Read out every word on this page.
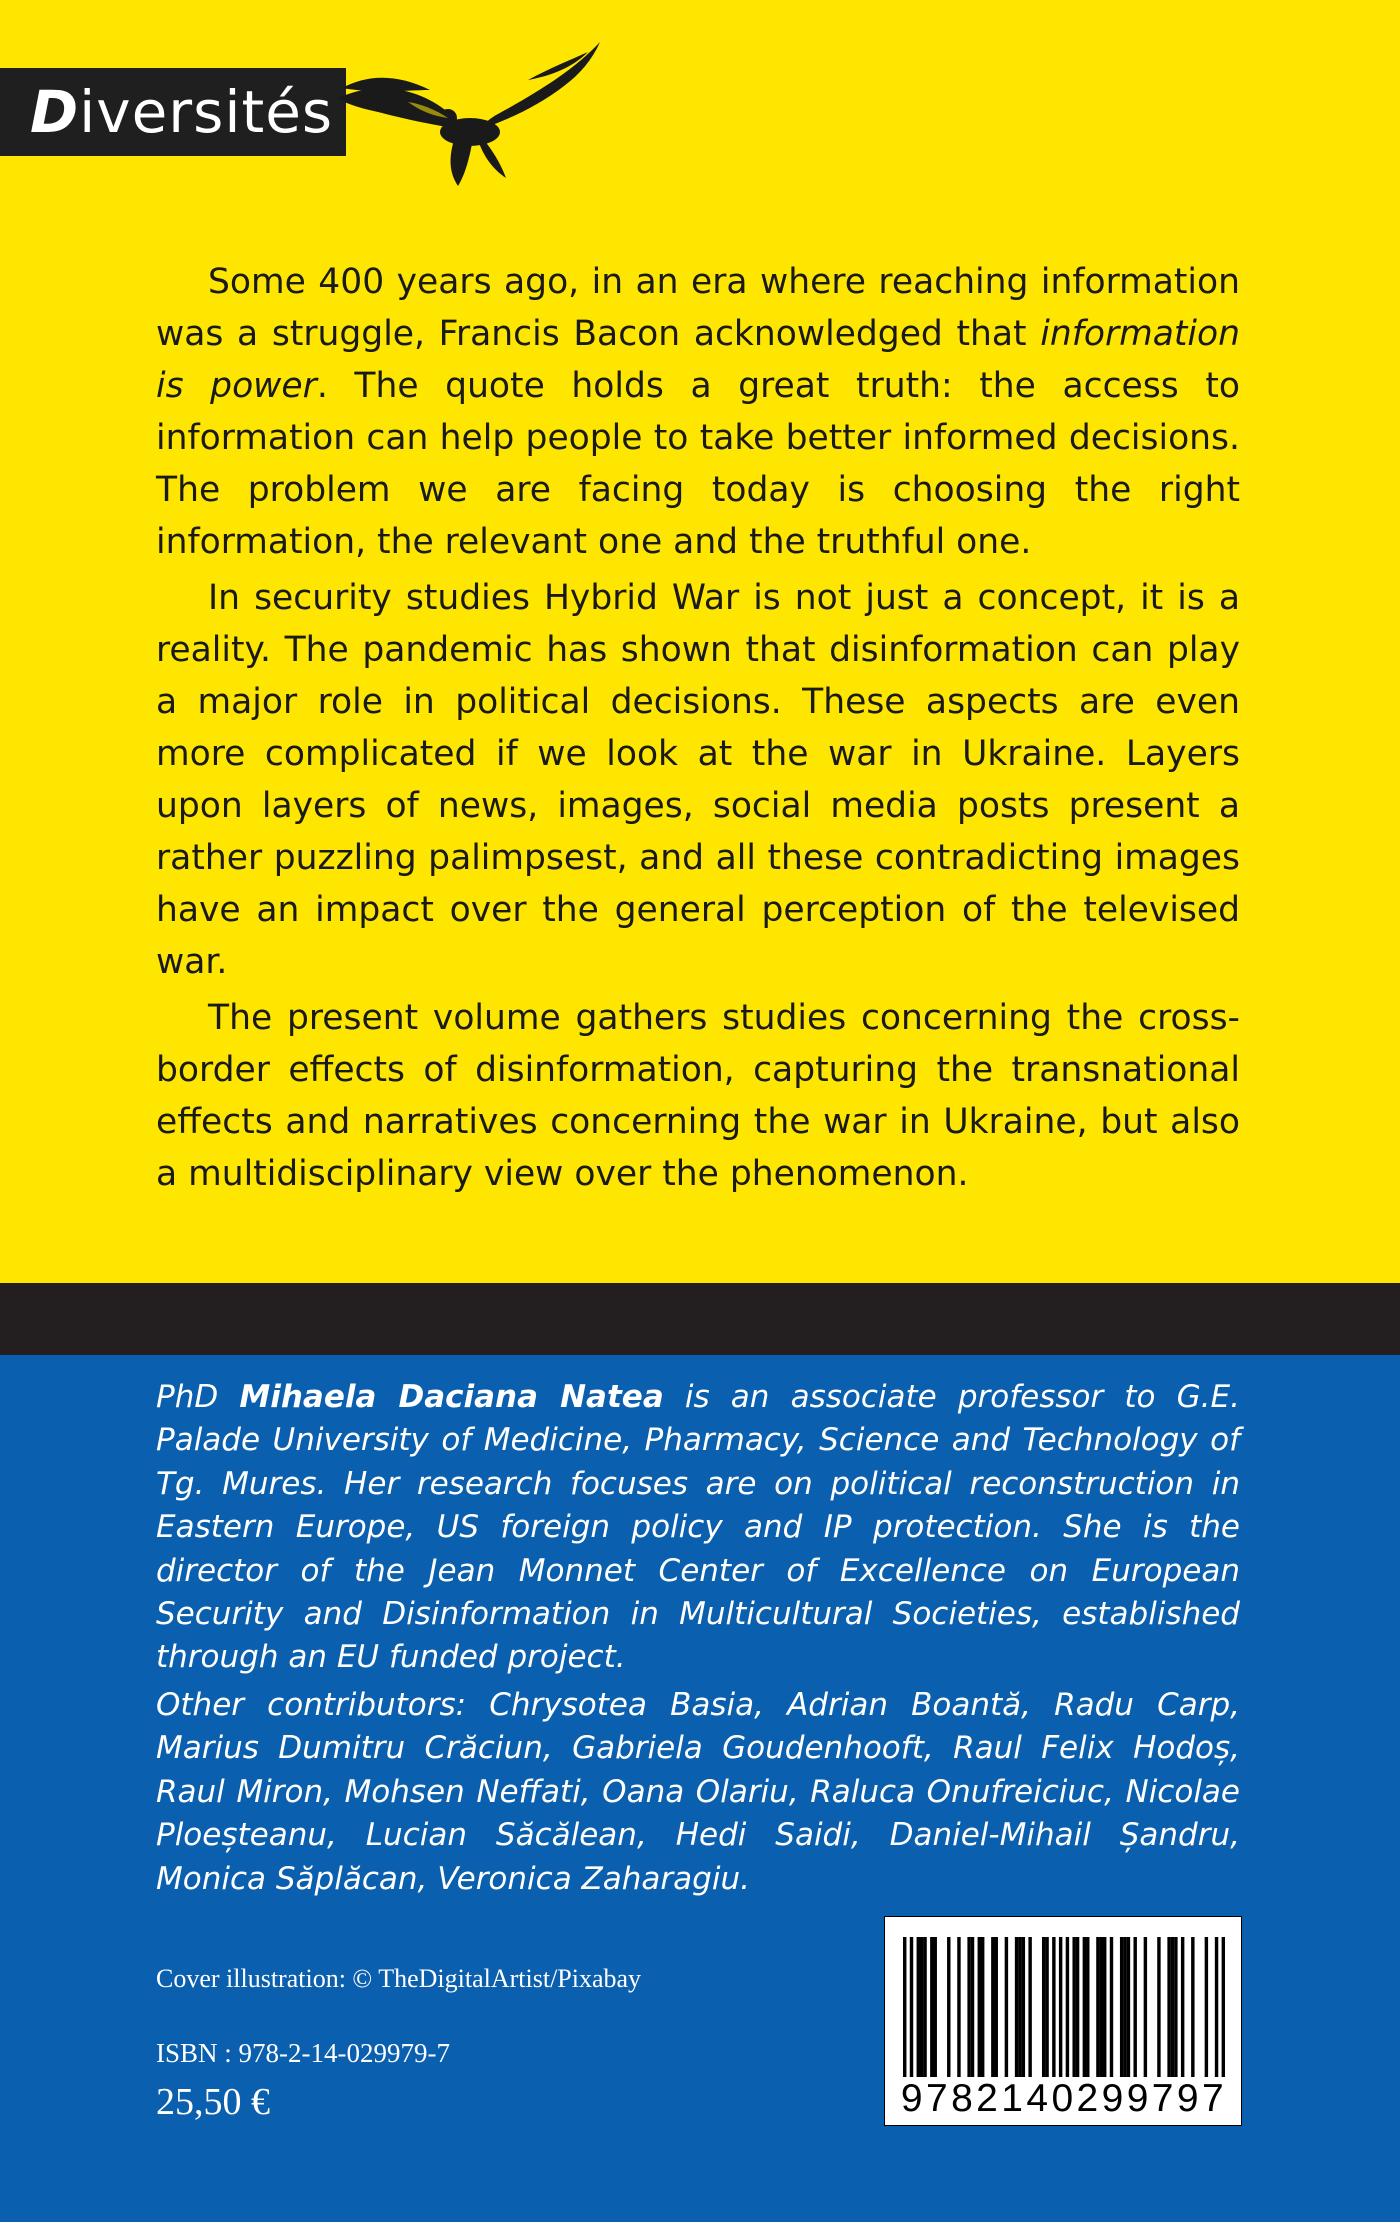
Diversités

Some 400 years ago, in an era where reaching information was a struggle, Francis Bacon acknowledged that information is power. The quote holds a great truth: the access to information can help people to take better informed decisions. The problem we are facing today is choosing the right information, the relevant one and the truthful one.

In security studies Hybrid War is not just a concept, it is a reality. The pandemic has shown that disinformation can play a major role in political decisions. These aspects are even more complicated if we look at the war in Ukraine. Layers upon layers of news, images, social media posts present a rather puzzling palimpsest, and all these contradicting images have an impact over the general perception of the televised war.

The present volume gathers studies concerning the cross-border effects of disinformation, capturing the transnational effects and narratives concerning the war in Ukraine, but also a multidisciplinary view over the phenomenon.

PhD Mihaela Daciana Natea is an associate professor to G.E. Palade University of Medicine, Pharmacy, Science and Technology of Tg. Mures. Her research focuses are on political reconstruction in Eastern Europe, US foreign policy and IP protection. She is the director of the Jean Monnet Center of Excellence on European Security and Disinformation in Multicultural Societies, established through an EU funded project.
Other contributors: Chrysotea Basia, Adrian Boantă, Radu Carp, Marius Dumitru Crăciun, Gabriela Goudenhooft, Raul Felix Hodoș, Raul Miron, Mohsen Neffati, Oana Olariu, Raluca Onufreiciuc, Nicolae Ploeșteanu, Lucian Săcălean, Hedi Saidi, Daniel-Mihail Șandru, Monica Săplăcan, Veronica Zaharagiu.
Cover illustration: © TheDigitalArtist/Pixabay
ISBN : 978-2-14-029979-7
25,50 €	9782140299797
